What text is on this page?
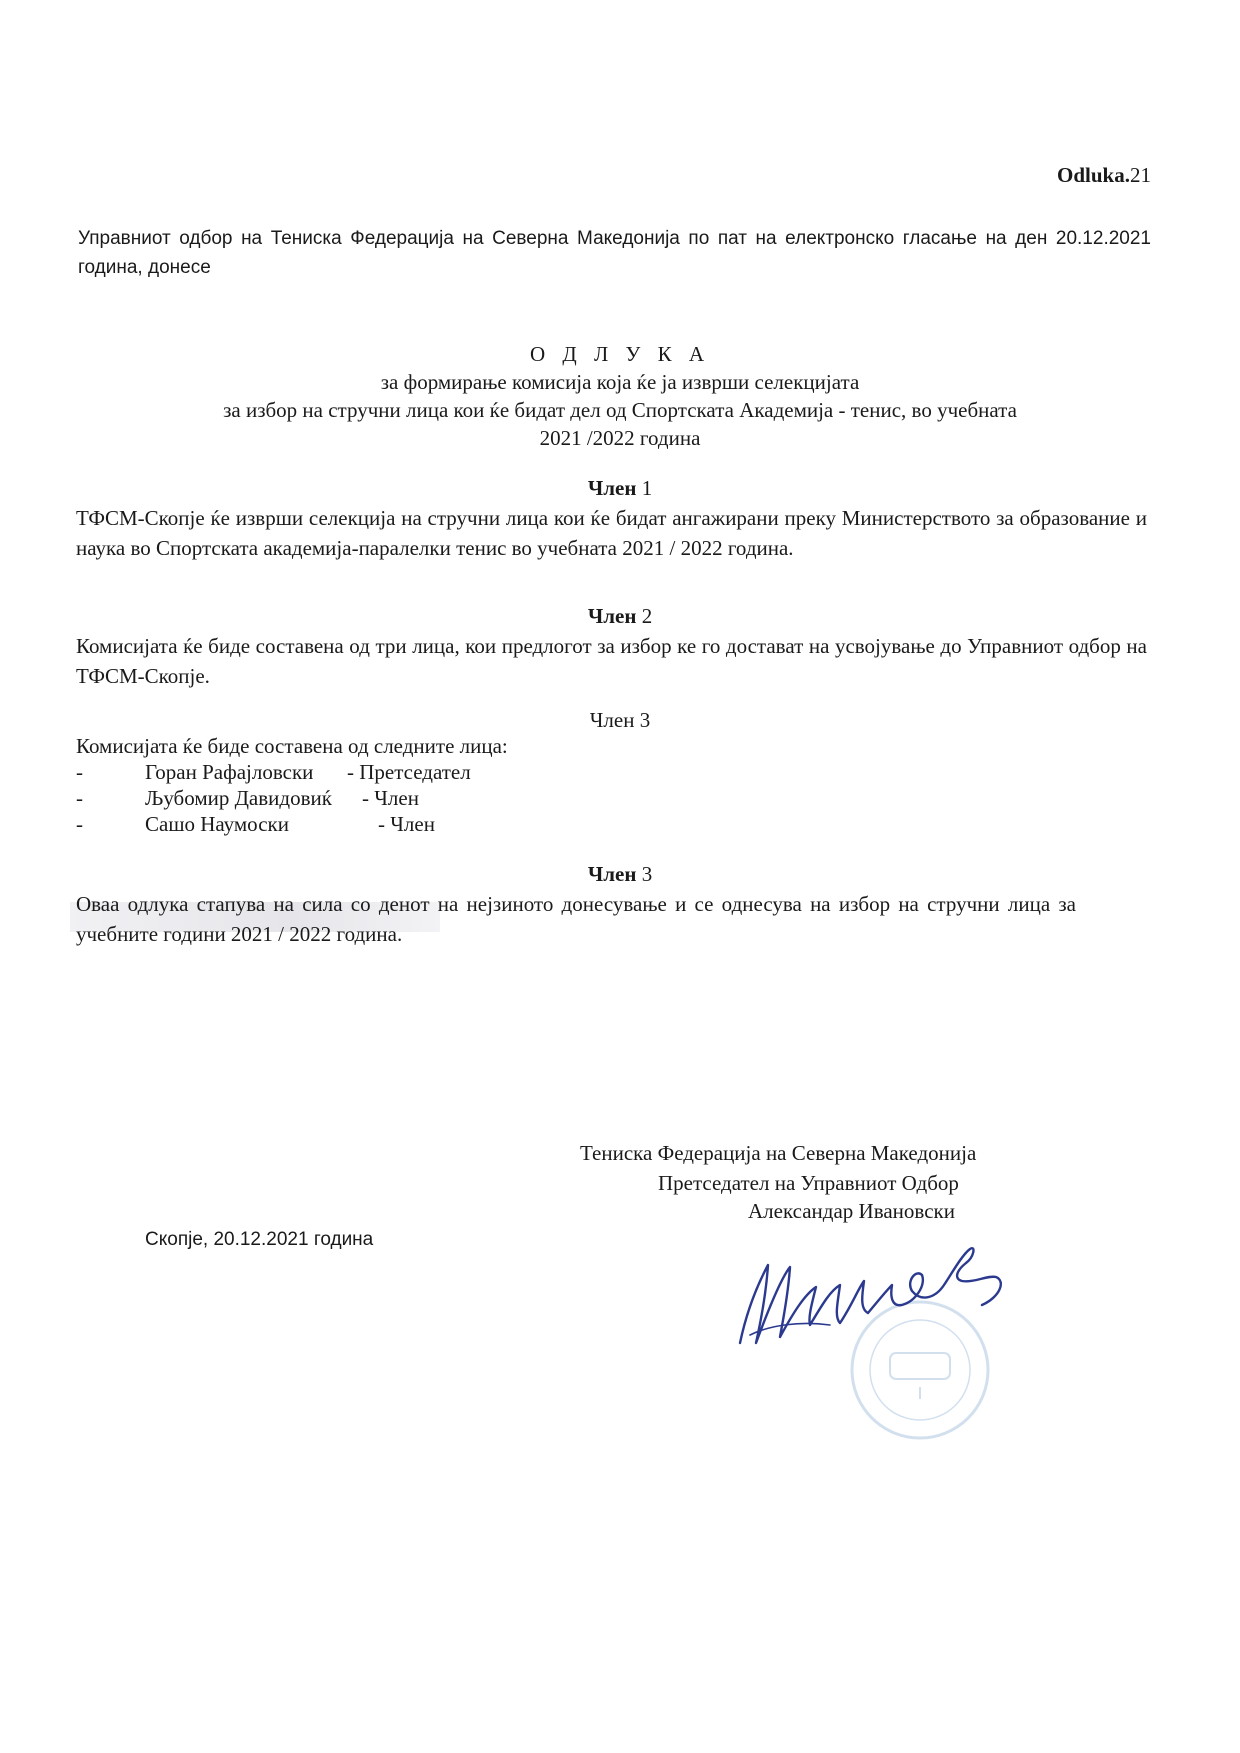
Odluka.21
Управниот одбор на Тениска Федерација на Северна Македонија по пат на електронско гласање на ден 20.12.2021 година, донесе
О Д Л У К А
за формирање комисија која ќе ја изврши селекцијата
за избор на стручни лица кои ќе бидат дел од Спортската Академија - тенис, во учебната
2021 /2022 година
Член 1
ТФСМ-Скопје ќе изврши селекција на стручни лица кои ќе бидат ангажирани преку Министерството за образование и наука во Спортската академија-паралелки тенис во учебната 2021 / 2022 година.
Член 2
Комисијата ќе биде составена од три лица, кои предлогот за избор ке го достават на усвојување до Управниот одбор на ТФСМ-Скопје.
Член 3
Комисијата ќе биде составена од следните лица:
-	Горан Рафајловски - Претседател
-	Љубомир Давидовиќ - Член
-	Сашо Наумоски	- Член
Член 3
Оваа одлука стапува на сила со денот на нејзиното донесување и се однесува на избор на стручни лица за учебните години 2021 / 2022 година.
Тениска Федерација на Северна Македонија
Претседател на Управниот Одбор
Александар Ивановски
Скопје, 20.12.2021 година
